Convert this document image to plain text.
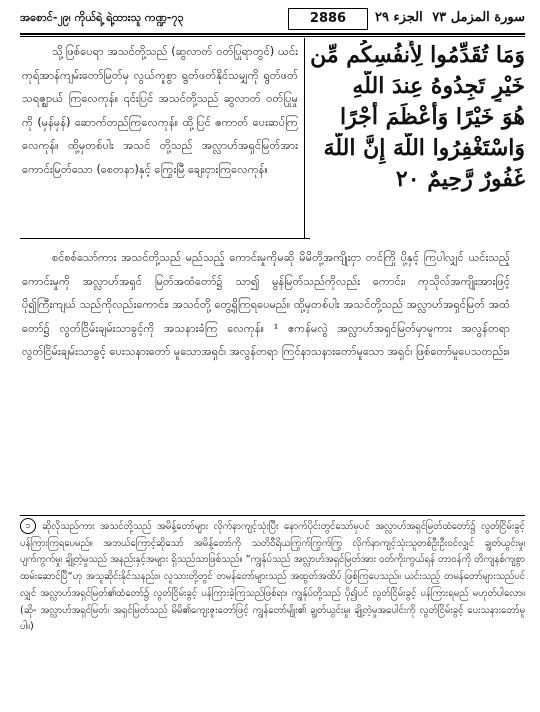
အစောင်-၂၉၊ ကိုယ်ရဲ့ ရဲ့ထားသူ ကဏ္ဍ-၇၃	2886	الجزء ٢٩ سورة المزمل ٧٣
وَمَا تُقَدِّمُوا لِأَنفُسِكُم مِّن
خَيْرٍ تَجِدُوهُ عِندَ اللَّهِ
هُوَ خَيْرًا وَأَعْظَمَ أَجْرًا
وَاسْتَغْفِرُوا اللَّهَ إِنَّ اللَّهَ
غَفُورٌ رَّحِيمٌ ٢٠

သို့ဖြစ်ပေရာ အသင်တို့သည် (ဆွလာတ် ဝတ်ပြုရာတွင်) ယင်းကုရ်အာန်ကျမ်းတော်မြတ်မှ လွယ်ကူစွာ ရွတ်ဖတ်နိုင်သမျှကို ရွတ်ဖတ်သရဇ္ဈာယ် ကြလေကုန်။ ၎င်းပြင် အသင်တို့သည် ဆွလာတ် ဝတ်ပြုမှုကို (မှန်မှန်) ဆောက်တည်ကြလေကုန်။ ထို့ပြင် ဇကာတ် ပေးဆပ်ကြလေကုန်။ ထို့မှတစ်ပါး အသင် တို့သည် အလ္လာဟ်အရှင်မြတ်အား ကောင်းမြတ်သော (စေတနာ)နှင့် ကြွေးမြီ ချေးငှားကြလေကုန်။

စင်စစ်သော်ကား အသင်တို့သည် မည်သည့် ကောင်းမှုကိုမဆို မိမိတို့အကျိုးငှာ တင်ကြို ပို့နှင့် ကြပါလျှင် ယင်းသည့်ကောင်းမှုကို အလ္လာဟ်အရှင် မြတ်အထံတော်၌ သာ၍ မွန်မြတ်သည်ကိုလည်း ကောင်း၊ ကုသိုလ်အကျိုးအားဖြင့် ပို၍ကြီးကျယ် သည်ကိုလည်းကောင်း၊ အသင်တို့ တွေ့ရှိကြရပေမည်။ ထို့မှတစ်ပါး အသင်တို့သည် အလ္လာဟ်အရှင်မြတ် အထံတော်၌ လွတ်ငြိမ်းချမ်းသာခွင့်ကို အသနားခံကြ လေကုန်။ ¹ ဧကန်မလွဲ အလ္လာဟ်အရှင်မြတ်မှာမူကား အလွန်တရာ လွတ်ငြိမ်းချမ်းသာခွင့် ပေးသနားတော် မူသောအရှင်၊ အလွန်တရာ ကြင်နာသနားတော်မူသော အရှင်၊ ဖြစ်တော်မူပေသတည်း။

၁ ဆိုလိုသည်ကား အသင်တို့သည် အမိန့်တော်များ လိုက်နာကျင့်သုံးပြီး နောက်ပိုင်းတွင်သော်မှပင် အလ္လာဟ်အရှင်မြတ်ထံတော်၌ လွတ်ငြိမ်းခွင့် ပန်ကြားကြရပေမည်။ အဘယ်ကြောင့်ဆိုသော် အမိန့်တော်ကို သတိဝီရိယကြွက်ကြွက်ကြွ လိုက်နာကျင့်သုံးသူတစ်ဦးဦးဝင်လျှင် ချွတ်ယွင်းမှု၊ ပျက်ကွက်မှု၊ ချို့တဲ့မှုသည် အနည်းနှင့်အများ ရှိသည်သာဖြစ်သည်။ ”ကျွန်ုပ်သည် အလ္လာဟ်အရှင်မြတ်အား ဝတ်ကိုးကွယ်ရန် တာဝန်ကို တိကျနစ်ကျစွာ ထမ်းဆောင်ပြီ“ဟု အသူဆိုင်းနိုင်သနည်း။ လူသားတို့တွင် တမန်တော်များသည် အထွတ်အထိပ် ဖြစ်ကြပေသည်။ ယင်းသည့် တမန်တော်များသည်ပင်လျှင် အလ္လာဟ်အရှင်မြတ်၏ထံတော်၌ လွတ်ငြိမ်းခွင့် ပန်ကြားခဲ့ကြသည်ဖြစ်ရာ၊ ကျွန်ုပ်တို့သည် ပို၍ပင် လွတ်ငြိမ်းခွင့် ပန်ကြားရမည် မဟုတ်ပါလော။ (ဆို- အလ္လာဟ်အရှင်မြတ်၊ အရှင်မြတ်သည် မိမိ၏ကျေးဇူးတော်ဖြင့် ကျွန်တော်မျိုး၏ ချွတ်ယွင်းမှု၊ ချို့တဲ့မှုအပေါင်းကို လွတ်ငြိမ်းခွင့် ပေးသနားတော်မူပါ။)
